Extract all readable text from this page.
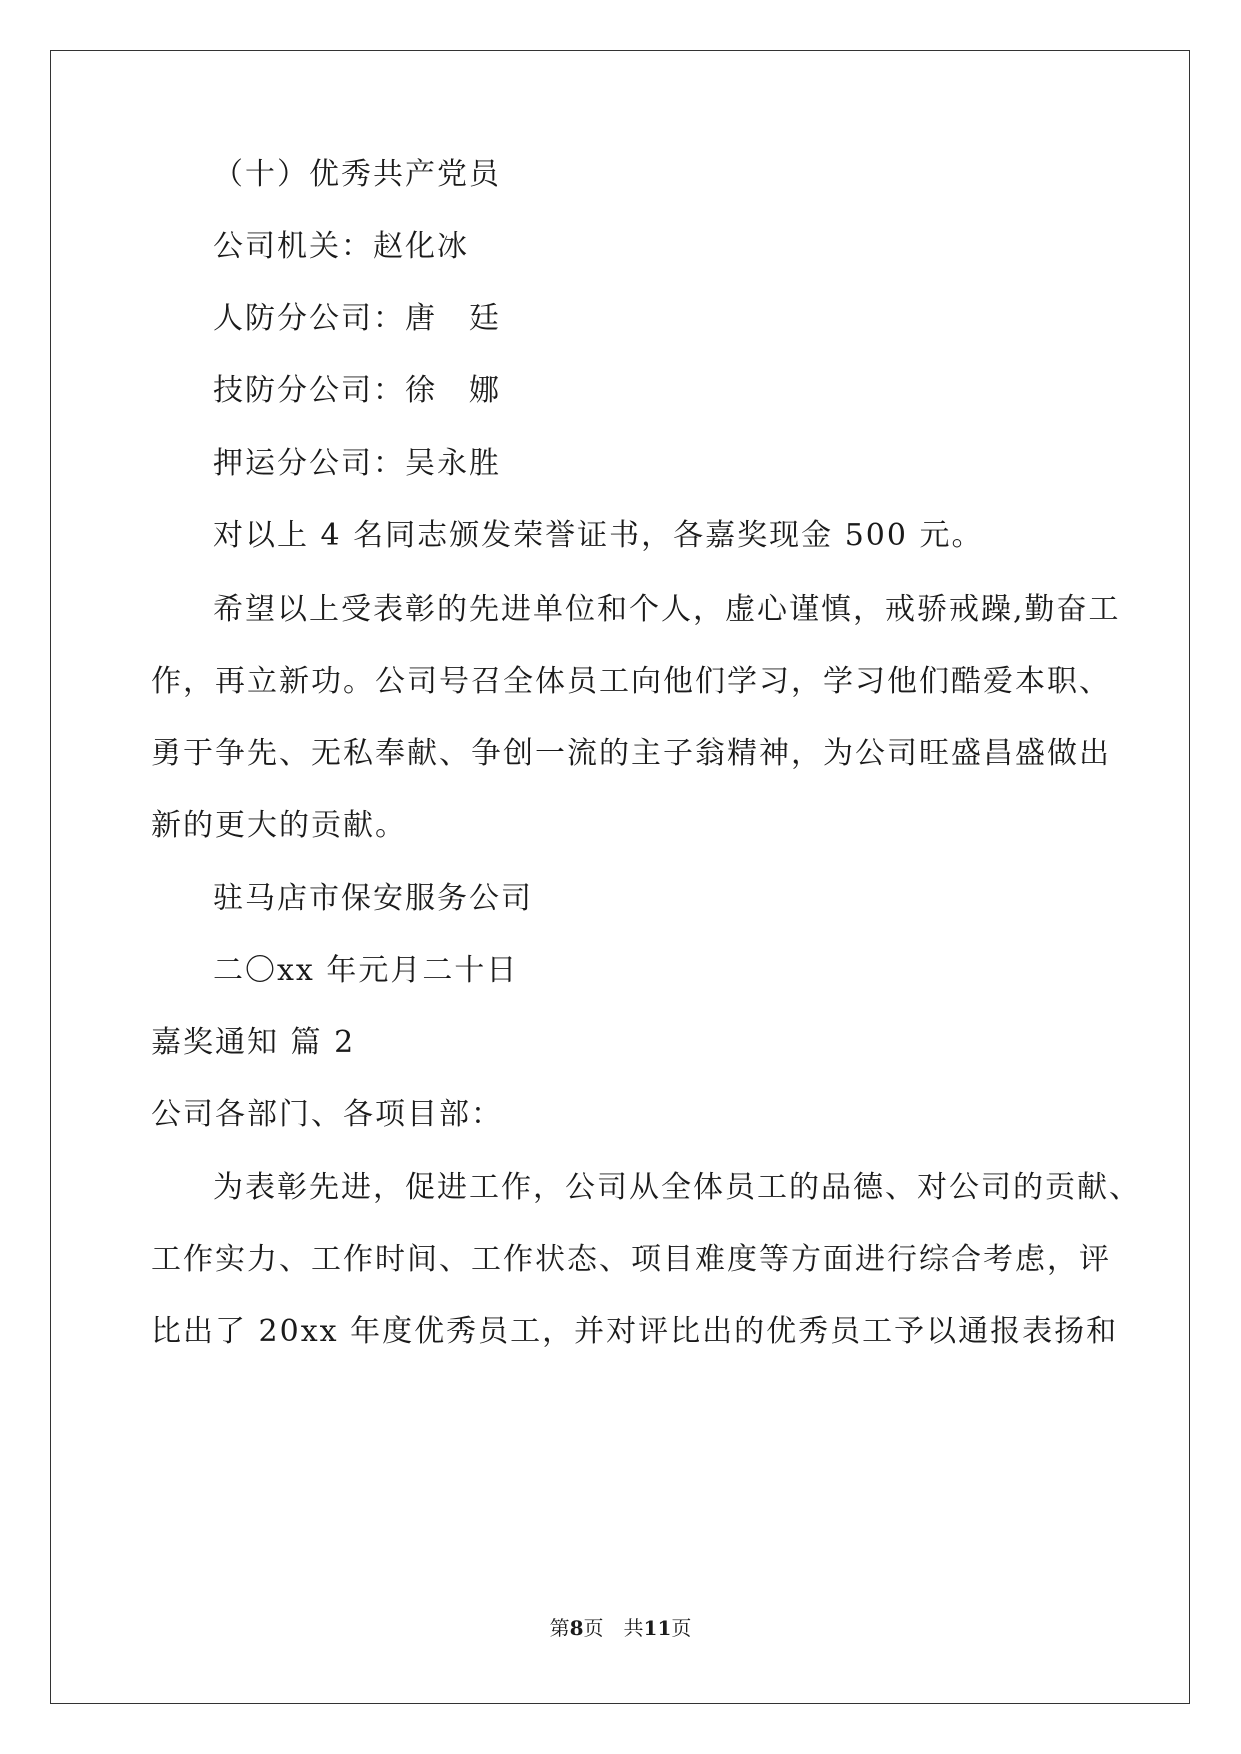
（十）优秀共产党员
公司机关：赵化冰
人防分公司：唐　廷
技防分公司：徐　娜
押运分公司：吴永胜
对以上 4 名同志颁发荣誉证书，各嘉奖现金 500 元。
希望以上受表彰的先进单位和个人，虚心谨慎，戒骄戒躁,勤奋工
作，再立新功。公司号召全体员工向他们学习，学习他们酷爱本职、
勇于争先、无私奉献、争创一流的主子翁精神，为公司旺盛昌盛做出
新的更大的贡献。
驻马店市保安服务公司
二〇xx 年元月二十日
嘉奖通知 篇 2
公司各部门、各项目部：
为表彰先进，促进工作，公司从全体员工的品德、对公司的贡献、
工作实力、工作时间、工作状态、项目难度等方面进行综合考虑，评
比出了 20xx 年度优秀员工，并对评比出的优秀员工予以通报表扬和
第8页　共11页
